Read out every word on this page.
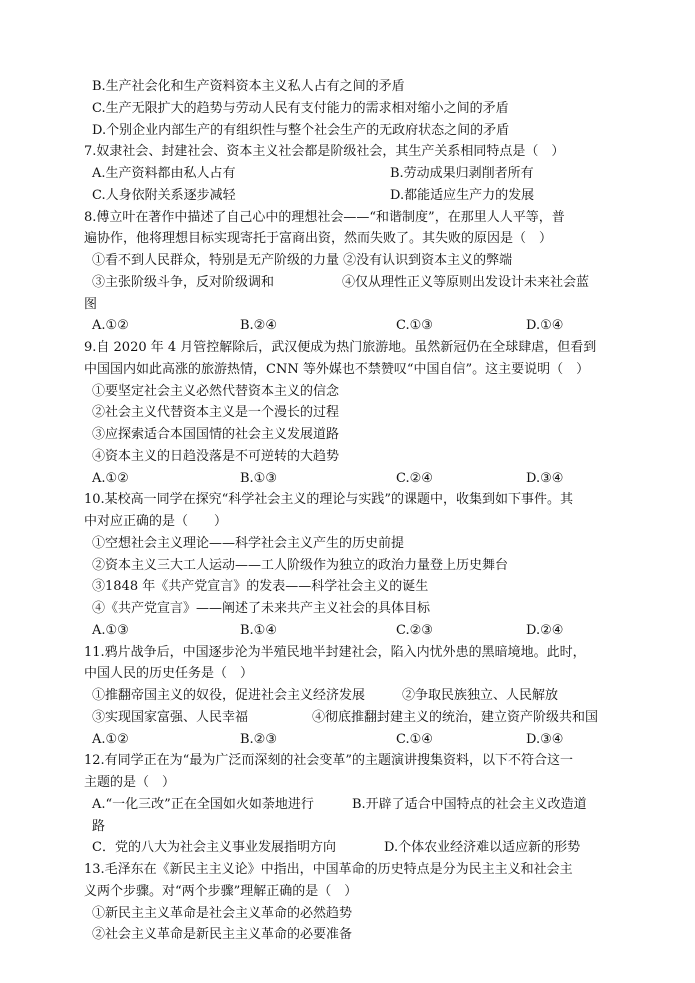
B.生产社会化和生产资料资本主义私人占有之间的矛盾
C.生产无限扩大的趋势与劳动人民有支付能力的需求相对缩小之间的矛盾
D.个别企业内部生产的有组织性与整个社会生产的无政府状态之间的矛盾
7.奴隶社会、封建社会、资本主义社会都是阶级社会，其生产关系相同特点是（　）
A.生产资料都由私人占有	B.劳动成果归剥削者所有
C.人身依附关系逐步减轻	D.都能适应生产力的发展
8.傅立叶在著作中描述了自己心中的理想社会——“和谐制度”，在那里人人平等，普
遍协作，他将理想目标实现寄托于富商出资，然而失败了。其失败的原因是（　）
①看不到人民群众，特别是无产阶级的力量 ②没有认识到资本主义的弊端
③主张阶级斗争，反对阶级调和	④仅从理性正义等原则出发设计未来社会蓝
图
A.①②	B.②④	C.①③	D.①④
9.自 2020 年 4 月管控解除后，武汉便成为热门旅游地。虽然新冠仍在全球肆虐，但看到
中国国内如此高涨的旅游热情，CNN 等外媒也不禁赞叹“中国自信”。这主要说明（　）
①要坚定社会主义必然代替资本主义的信念
②社会主义代替资本主义是一个漫长的过程
③应探索适合本国国情的社会主义发展道路
④资本主义的日趋没落是不可逆转的大趋势
A.①②	B.①③	C.②④	D.③④
10.某校高一同学在探究“科学社会主义的理论与实践”的课题中，收集到如下事件。其
中对应正确的是（　　）
①空想社会主义理论——科学社会主义产生的历史前提
②资本主义三大工人运动——工人阶级作为独立的政治力量登上历史舞台
③1848 年《共产党宣言》的发表——科学社会主义的诞生
④《共产党宣言》——阐述了未来共产主义社会的具体目标
A.①③	B.①④	C.②③	D.②④
11.鸦片战争后，中国逐步沦为半殖民地半封建社会，陷入内忧外患的黑暗境地。此时，
中国人民的历史任务是（　）
①推翻帝国主义的奴役，促进社会主义经济发展	②争取民族独立、人民解放
③实现国家富强、人民幸福	④彻底推翻封建主义的统治，建立资产阶级共和国
A.①②	B.②③	C.①④	D.③④
12.有同学正在为“最为广泛而深刻的社会变革”的主题演讲搜集资料，以下不符合这一
主题的是（　）
A.“一化三改”正在全国如火如荼地进行	B.开辟了适合中国特点的社会主义改造道
路
C．党的八大为社会主义事业发展指明方向	D.个体农业经济难以适应新的形势
13.毛泽东在《新民主主义论》中指出，中国革命的历史特点是分为民主主义和社会主
义两个步骤。对“两个步骤”理解正确的是（　）
①新民主主义革命是社会主义革命的必然趋势
②社会主义革命是新民主主义革命的必要准备
